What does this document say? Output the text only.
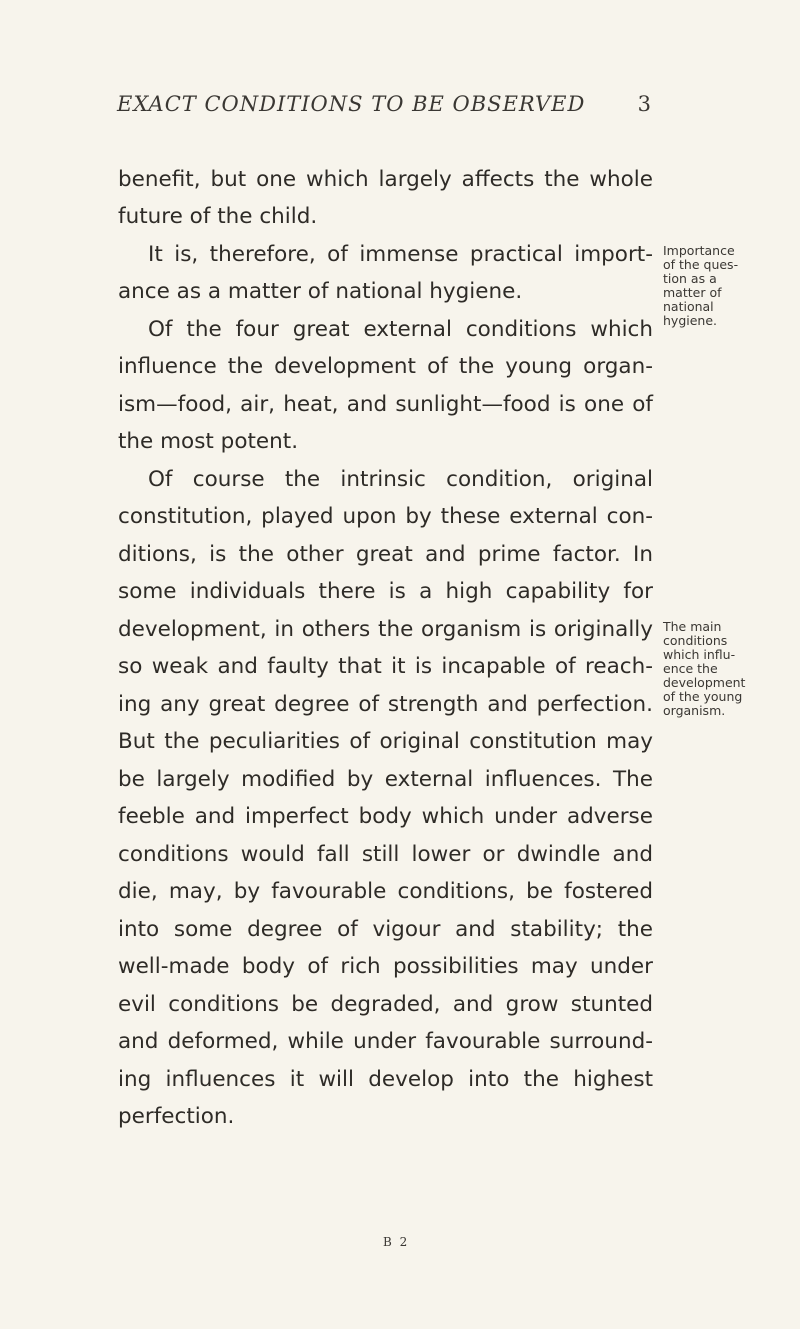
EXACT CONDITIONS TO BE OBSERVED 3
benefit, but one which largely affects the whole
future of the child.
It is, therefore, of immense practical import-
ance as a matter of national hygiene.
Of the four great external conditions which
influence the development of the young organ-
ism—food, air, heat, and sunlight—food is one of
the most potent.
Of course the intrinsic condition, original
constitution, played upon by these external con-
ditions, is the other great and prime factor. In
some individuals there is a high capability for
development, in others the organism is originally
so weak and faulty that it is incapable of reach-
ing any great degree of strength and perfection.
But the peculiarities of original constitution may
be largely modified by external influences. The
feeble and imperfect body which under adverse
conditions would fall still lower or dwindle and
die, may, by favourable conditions, be fostered
into some degree of vigour and stability; the
well-made body of rich possibilities may under
evil conditions be degraded, and grow stunted
and deformed, while under favourable surround-
ing influences it will develop into the highest
perfection.
Importance
of the ques-
tion as a
matter of
national
hygiene.
The main
conditions
which influ-
ence the
development
of the young
organism.
B 2
